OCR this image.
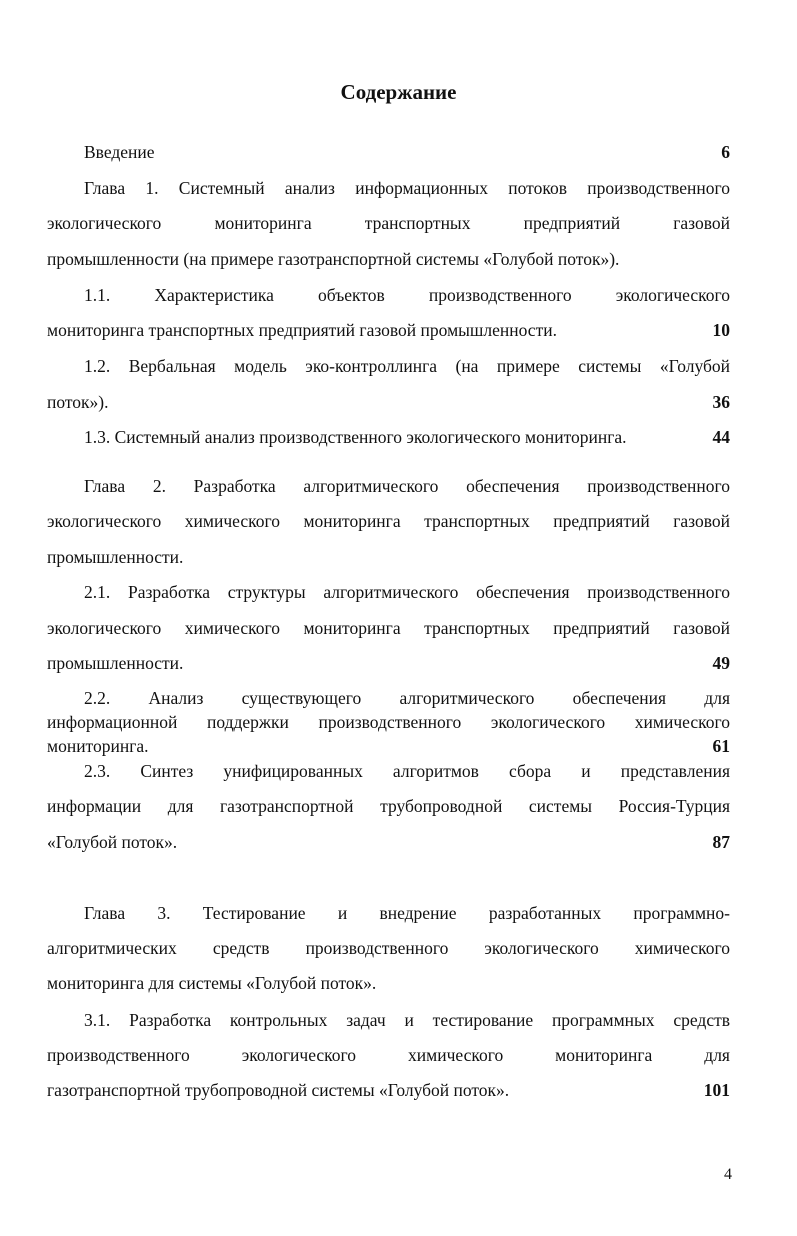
Содержание
Введение	6
Глава 1. Системный анализ информационных потоков производственного
экологического мониторинга транспортных предприятий газовой
промышленности (на примере газотранспортной системы «Голубой поток»).
1.1. Характеристика объектов производственного экологического
мониторинга транспортных предприятий газовой промышленности.	10
1.2. Вербальная модель эко-контроллинга (на примере системы «Голубой
поток»).	36
1.3. Системный анализ производственного экологического мониторинга.	44
Глава 2. Разработка алгоритмического обеспечения производственного
экологического химического мониторинга транспортных предприятий газовой
промышленности.
2.1. Разработка структуры алгоритмического обеспечения производственного
экологического химического мониторинга транспортных предприятий газовой
промышленности.	49
2.2. Анализ существующего алгоритмического обеспечения для
информационной поддержки производственного экологического химического
мониторинга.	61
2.3. Синтез унифицированных алгоритмов сбора и представления
информации для газотранспортной трубопроводной системы Россия-Турция
«Голубой поток».	87
Глава 3. Тестирование и внедрение разработанных программно-
алгоритмических средств производственного экологического химического
мониторинга для системы «Голубой поток».
3.1. Разработка контрольных задач и тестирование программных средств
производственного экологического химического мониторинга для
газотранспортной трубопроводной системы «Голубой поток».	101
4
